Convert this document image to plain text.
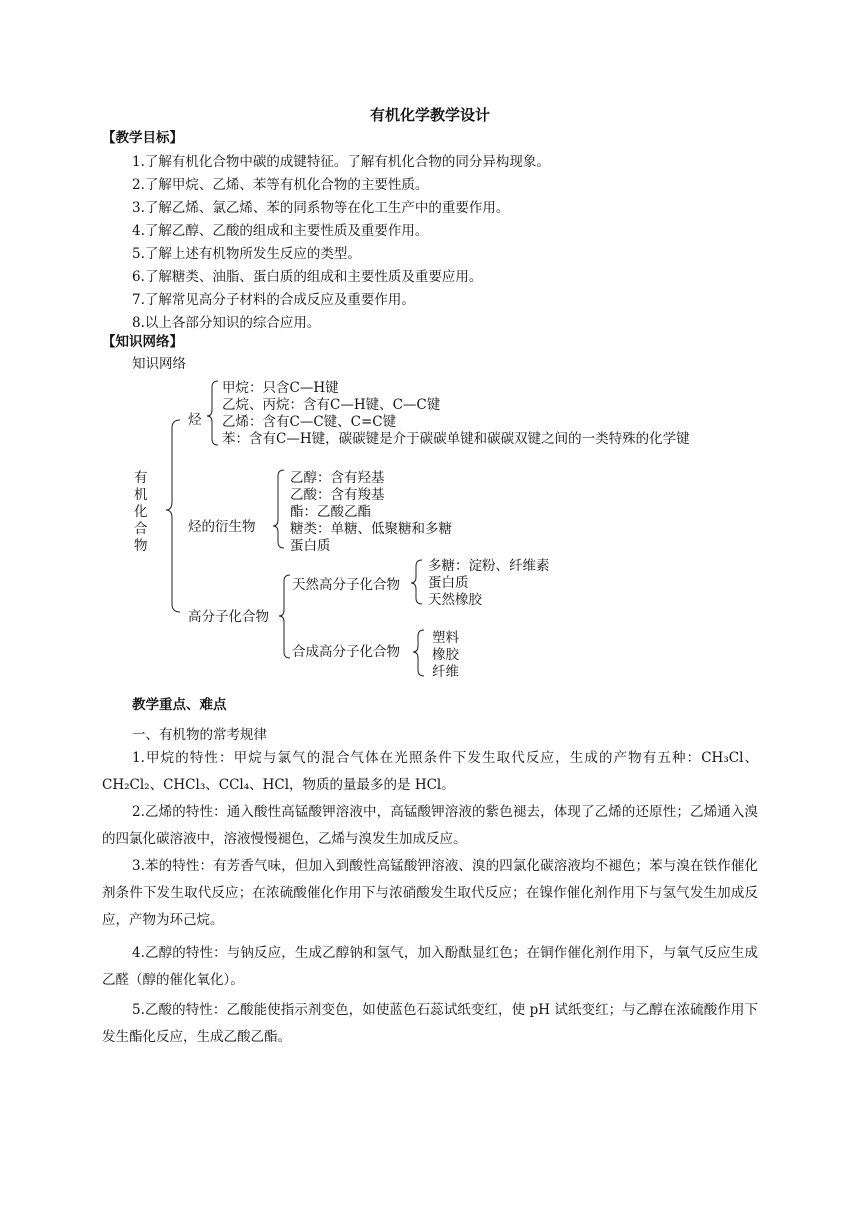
有机化学教学设计
【教学目标】
1.了解有机化合物中碳的成键特征。了解有机化合物的同分异构现象。
2.了解甲烷、乙烯、苯等有机化合物的主要性质。
3.了解乙烯、氯乙烯、苯的同系物等在化工生产中的重要作用。
4.了解乙醇、乙酸的组成和主要性质及重要作用。
5.了解上述有机物所发生反应的类型。
6.了解糖类、油脂、蛋白质的组成和主要性质及重要应用。
7.了解常见高分子材料的合成反应及重要作用。
8.以上各部分知识的综合应用。
【知识网络】
知识网络
有
机
化
合
物
烃
甲烷：只含C—H键
乙烷、丙烷：含有C—H键、C—C键
乙烯：含有C—C键、C=C键
苯：含有C—H键，碳碳键是介于碳碳单键和碳碳双键之间的一类特殊的化学键
烃的衍生物
乙醇：含有羟基
乙酸：含有羧基
酯：乙酸乙酯
糖类：单糖、低聚糖和多糖
蛋白质
高分子化合物
天然高分子化合物
多糖：淀粉、纤维素
蛋白质
天然橡胶
合成高分子化合物
塑料
橡胶
纤维
教学重点、难点
一、有机物的常考规律
1.甲烷的特性：甲烷与氯气的混合气体在光照条件下发生取代反应，生成的产物有五种：CH₃Cl、CH₂Cl₂、CHCl₃、CCl₄、HCl，物质的量最多的是 HCl。
2.乙烯的特性：通入酸性高锰酸钾溶液中，高锰酸钾溶液的紫色褪去，体现了乙烯的还原性；乙烯通入溴的四氯化碳溶液中，溶液慢慢褪色，乙烯与溴发生加成反应。
3.苯的特性：有芳香气味，但加入到酸性高锰酸钾溶液、溴的四氯化碳溶液均不褪色；苯与溴在铁作催化剂条件下发生取代反应；在浓硫酸催化作用下与浓硝酸发生取代反应；在镍作催化剂作用下与氢气发生加成反应，产物为环己烷。
4.乙醇的特性：与钠反应，生成乙醇钠和氢气，加入酚酞显红色；在铜作催化剂作用下，与氧气反应生成乙醛（醇的催化氧化）。
5.乙酸的特性：乙酸能使指示剂变色，如使蓝色石蕊试纸变红，使 pH 试纸变红；与乙醇在浓硫酸作用下发生酯化反应，生成乙酸乙酯。
